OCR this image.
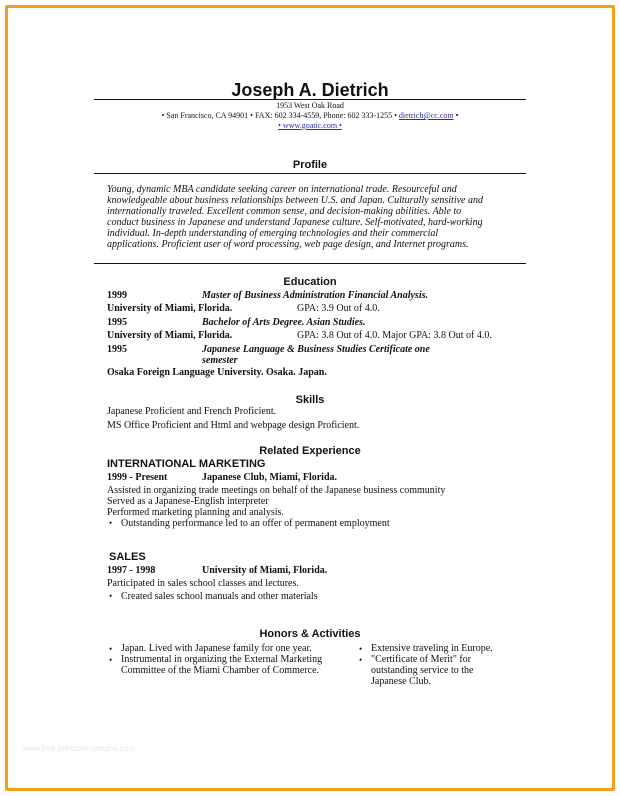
Joseph A. Dietrich
1953 West Oak Road
• San Francisco, CA 94901 • FAX: 602 334-4559, Phone: 602 333-1255 • dietrich@cc.com •
• www.goatic.com •
Profile
Young, dynamic MBA candidate seeking career on international trade. Resourceful and
knowledgeable about business relationships between U.S. and Japan. Culturally sensitive and
internationally traveled. Excellent common sense, and decision-making abilities. Able to
conduct business in Japanese and understand Japanese culture. Self-motivated, hard-working
individual. In-depth understanding of emerging technologies and their commercial
applications. Proficient user of word processing, web page design, and Internet programs.
Education
1999	Master of Business Administration Financial Analysis.
University of Miami, Florida.	GPA: 3.9 Out of 4.0.
1995	Bachelor of Arts Degree. Asian Studies.
University of Miami, Florida.	GPA: 3.8 Out of 4.0. Major GPA: 3.8 Out of 4.0.
1995	Japanese Language & Business Studies Certificate one
semester
Osaka Foreign Language University. Osaka. Japan.
Skills
Japanese Proficient and French Proficient.
MS Office Proficient and Html and webpage design Proficient.
Related Experience
INTERNATIONAL MARKETING
1999 - Present	Japanese Club, Miami, Florida.
Assisted in organizing trade meetings on behalf of the Japanese business community
Served as a Japanese-English interpreter
Performed marketing planning and analysis.
• Outstanding performance led to an offer of permanent employment
SALES
1997 - 1998	University of Miami, Florida.
Participated in sales school classes and lectures.
• Created sales school manuals and other materials
Honors & Activities
• Japan. Lived with Japanese family for one year.
• Instrumental in organizing the External Marketing
Committee of the Miami Chamber of Commerce.
• Extensive traveling in Europe.
• "Certificate of Merit" for
outstanding service to the
Japanese Club.
www.free-printable-resume.com
